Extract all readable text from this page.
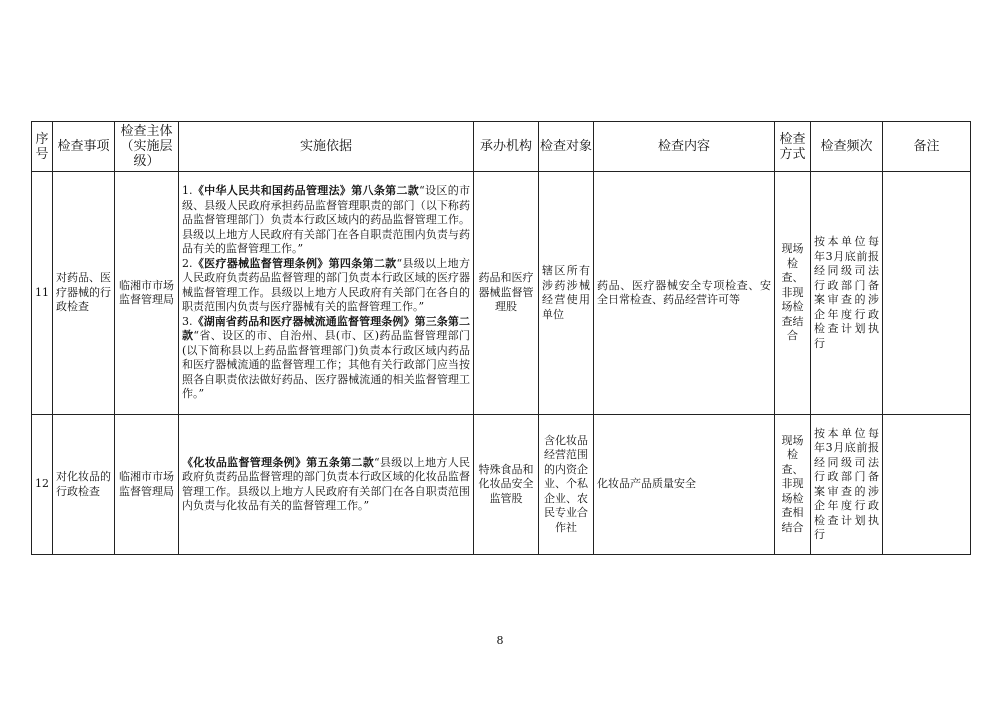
序号	检查事项	检查主体（实施层级）	实施依据	承办机构	检查对象	检查内容	检查方式	检查频次	备注
11	对药品、医疗器械的行政检查	临湘市市场监督管理局	1.《中华人民共和国药品管理法》第八条第二款“设区的市级、县级人民政府承担药品监督管理职责的部门（以下称药品监督管理部门）负责本行政区域内的药品监督管理工作。县级以上地方人民政府有关部门在各自职责范围内负责与药品有关的监督管理工作。”

2.《医疗器械监督管理条例》第四条第二款“县级以上地方人民政府负责药品监督管理的部门负责本行政区域的医疗器械监督管理工作。县级以上地方人民政府有关部门在各自的职责范围内负责与医疗器械有关的监督管理工作。”

3.《湖南省药品和医疗器械流通监督管理条例》第三条第二款“省、设区的市、自治州、县(市、区)药品监督管理部门(以下简称县以上药品监督管理部门)负责本行政区域内药品和医疗器械流通的监督管理工作；其他有关行政部门应当按照各自职责依法做好药品、医疗器械流通的相关监督管理工作。”	药品和医疗器械监督管理股	辖区所有涉药涉械经营使用单位	药品、医疗器械安全专项检查、安全日常检查、药品经营许可等	现场检查、非现场检查结合	按本单位每年3月底前报经同级司法行政部门备案审查的涉企年度行政检查计划执行	
12	对化妆品的行政检查	临湘市市场监督管理局	《化妆品监督管理条例》第五条第二款“县级以上地方人民政府负责药品监督管理的部门负责本行政区域的化妆品监督管理工作。县级以上地方人民政府有关部门在各自职责范围内负责与化妆品有关的监督管理工作。”	特殊食品和化妆品安全监管股	含化妆品经营范围的内资企业、个私企业、农民专业合作社	化妆品产品质量安全	现场检查、非现场检查相结合	按本单位每年3月底前报经同级司法行政部门备案审查的涉企年度行政检查计划执行	
8
